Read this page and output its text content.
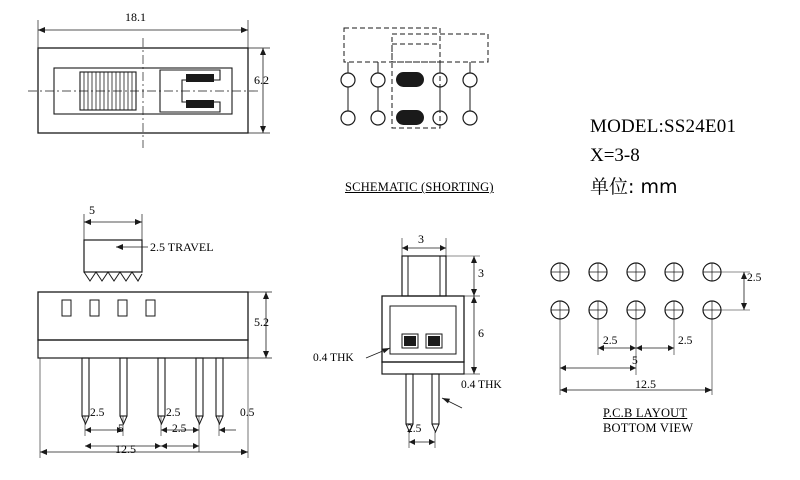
18.1
6.2
SCHEMATIC (SHORTING)
MODEL:SS24E01
X=3-8
单位: mm
5
2.5 TRAVEL
5.2
2.5	2.5	0.5
5	2.5
12.5
3
3
6
0.4 THK
0.4 THK
2.5
2.5
2.5	2.5
5
12.5
P.C.B LAYOUT
BOTTOM VIEW
